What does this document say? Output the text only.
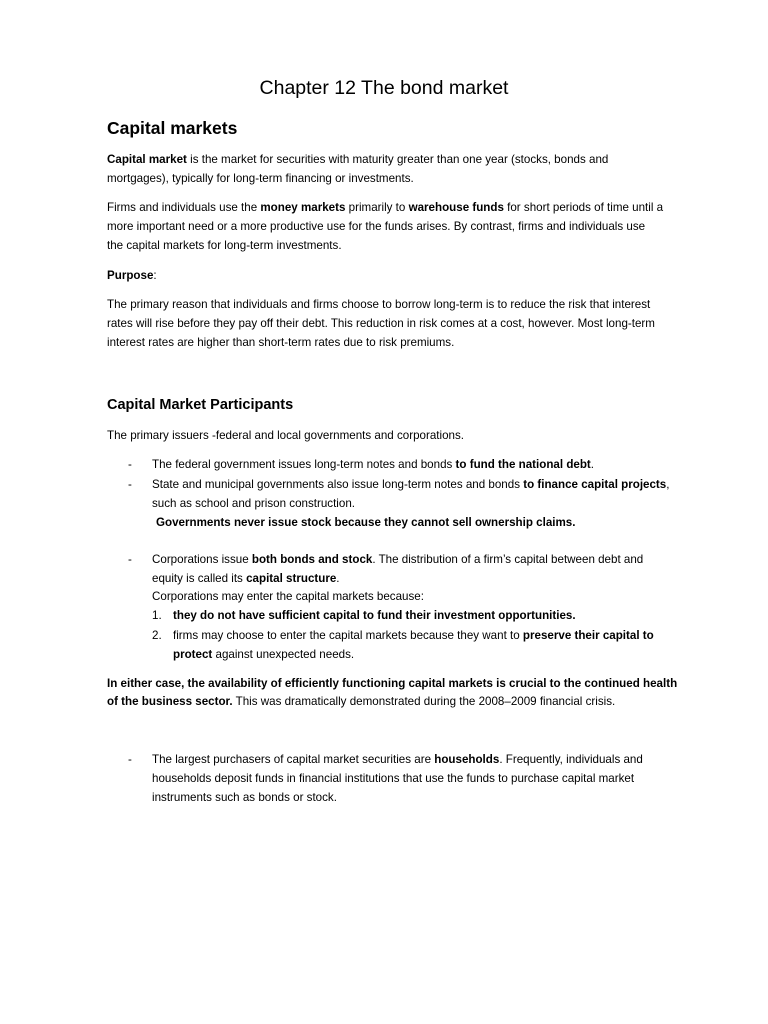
Chapter 12 The bond market
Capital markets
Capital market is the market for securities with maturity greater than one year (stocks, bonds and
mortgages), typically for long-term financing or investments.
Firms and individuals use the money markets primarily to warehouse funds for short periods of time until a
more important need or a more productive use for the funds arises. By contrast, firms and individuals use
the capital markets for long-term investments.
Purpose:
The primary reason that individuals and firms choose to borrow long-term is to reduce the risk that interest
rates will rise before they pay off their debt. This reduction in risk comes at a cost, however. Most long-term
interest rates are higher than short-term rates due to risk premiums.
Capital Market Participants
The primary issuers -federal and local governments and corporations.
- The federal government issues long-term notes and bonds to fund the national debt.
- State and municipal governments also issue long-term notes and bonds to finance capital projects,
such as school and prison construction.
Governments never issue stock because they cannot sell ownership claims.
- Corporations issue both bonds and stock. The distribution of a firm’s capital between debt and
equity is called its capital structure.
Corporations may enter the capital markets because:
1. they do not have sufficient capital to fund their investment opportunities.
2. firms may choose to enter the capital markets because they want to preserve their capital to
protect against unexpected needs.
In either case, the availability of efficiently functioning capital markets is crucial to the continued health
of the business sector. This was dramatically demonstrated during the 2008–2009 financial crisis.
- The largest purchasers of capital market securities are households. Frequently, individuals and
households deposit funds in financial institutions that use the funds to purchase capital market
instruments such as bonds or stock.
